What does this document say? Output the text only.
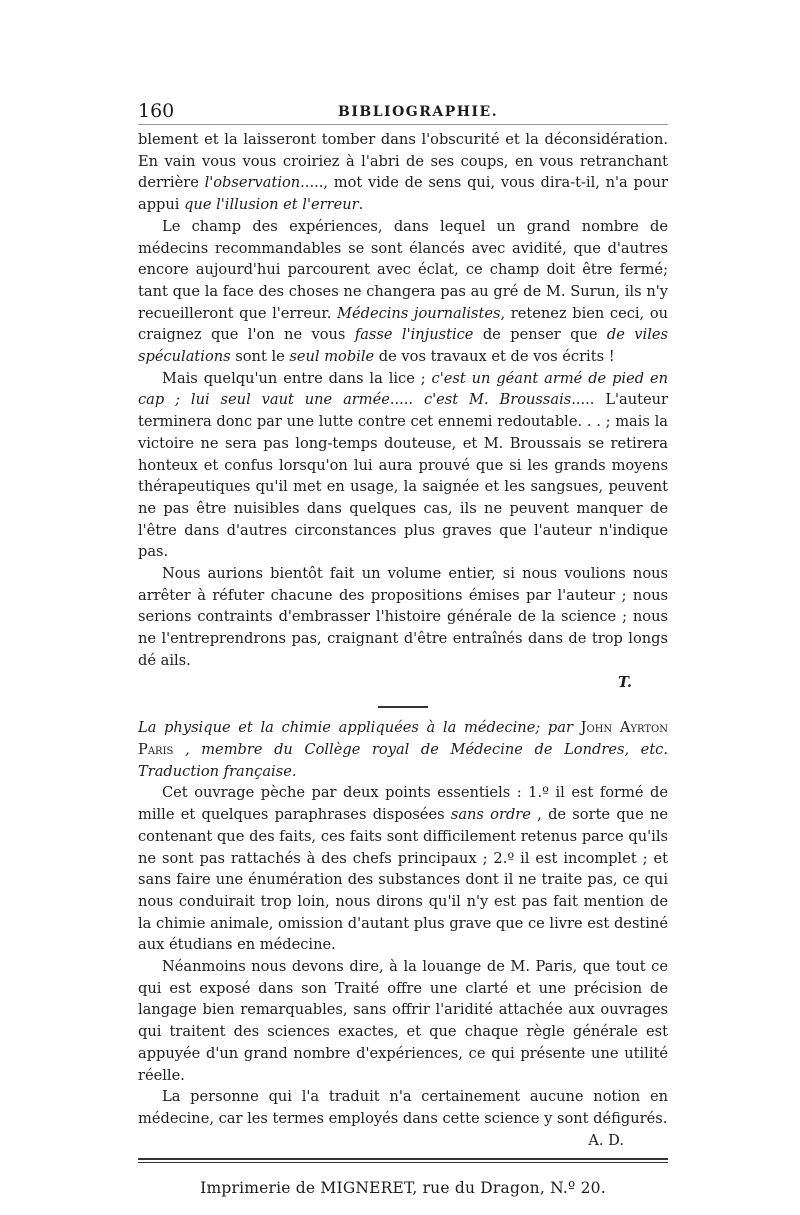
160	BIBLIOGRAPHIE.

blement et la laisseront tomber dans l'obscurité et la déconsidération. En vain vous vous croiriez à l'abri de ses coups, en vous retranchant derrière l'observation....., mot vide de sens qui, vous dira-t-il, n'a pour appui que l'illusion et l'erreur.

Le champ des expériences, dans lequel un grand nombre de médecins recommandables se sont élancés avec avidité, que d'autres encore aujourd'hui parcourent avec éclat, ce champ doit être fermé; tant que la face des choses ne changera pas au gré de M. Surun, ils n'y recueilleront que l'erreur. Médecins journalistes, retenez bien ceci, ou craignez que l'on ne vous fasse l'injustice de penser que de viles spéculations sont le seul mobile de vos travaux et de vos écrits !

Mais quelqu'un entre dans la lice ; c'est un géant armé de pied en cap ; lui seul vaut une armée..... c'est M. Broussais..... L'auteur terminera donc par une lutte contre cet ennemi redoutable. . . ; mais la victoire ne sera pas long-temps douteuse, et M. Broussais se retirera honteux et confus lorsqu'on lui aura prouvé que si les grands moyens thérapeutiques qu'il met en usage, la saignée et les sangsues, peuvent ne pas être nuisibles dans quelques cas, ils ne peuvent manquer de l'être dans d'autres circonstances plus graves que l'auteur n'indique pas.

Nous aurions bientôt fait un volume entier, si nous voulions nous arrêter à réfuter chacune des propositions émises par l'auteur ; nous serions contraints d'embrasser l'histoire générale de la science ; nous ne l'entreprendrons pas, craignant d'être entraînés dans de trop longs dé ails.

T.

La physique et la chimie appliquées à la médecine; par John Ayrton Paris , membre du Collège royal de Médecine de Londres, etc. Traduction française.

Cet ouvrage pèche par deux points essentiels : 1.º il est formé de mille et quelques paraphrases disposées sans ordre , de sorte que ne contenant que des faits, ces faits sont difficilement retenus parce qu'ils ne sont pas rattachés à des chefs principaux ; 2.º il est incomplet ; et sans faire une énumération des substances dont il ne traite pas, ce qui nous conduirait trop loin, nous dirons qu'il n'y est pas fait mention de la chimie animale, omission d'autant plus grave que ce livre est destiné aux étudians en médecine.

Néanmoins nous devons dire, à la louange de M. Paris, que tout ce qui est exposé dans son Traité offre une clarté et une précision de langage bien remarquables, sans offrir l'aridité attachée aux ouvrages qui traitent des sciences exactes, et que chaque règle générale est appuyée d'un grand nombre d'expériences, ce qui présente une utilité réelle.

La personne qui l'a traduit n'a certainement aucune notion en médecine, car les termes employés dans cette science y sont défigurés.

A. D.
Imprimerie de MIGNERET, rue du Dragon, N.º 20.
